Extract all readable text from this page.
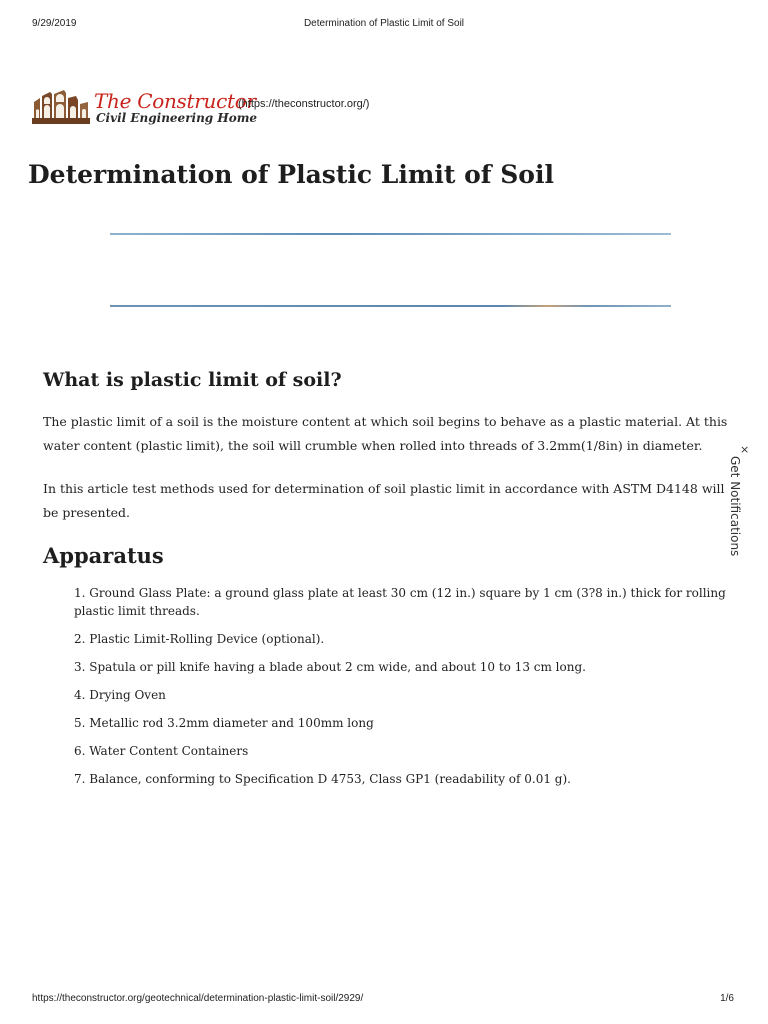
9/29/2019	Determination of Plastic Limit of Soil
The Constructor
Civil Engineering Home
(https://theconstructor.org/)
Determination of Plastic Limit of Soil
What is plastic limit of soil?

The plastic limit of a soil is the moisture content at which soil begins to behave as a plastic material. At this water content (plastic limit), the soil will crumble when rolled into threads of 3.2mm(1/8in) in diameter.

In this article test methods used for determination of soil plastic limit in accordance with ASTM D4148 will be presented.

Apparatus
1. Ground Glass Plate: a ground glass plate at least 30 cm (12 in.) square by 1 cm (3?8 in.) thick for rolling plastic limit threads.
2. Plastic Limit-Rolling Device (optional).
3. Spatula or pill knife having a blade about 2 cm wide, and about 10 to 13 cm long.
4. Drying Oven
5. Metallic rod 3.2mm diameter and 100mm long
6. Water Content Containers
7. Balance, conforming to Specification D 4753, Class GP1 (readability of 0.01 g).
×
Get Notifications
https://theconstructor.org/geotechnical/determination-plastic-limit-soil/2929/	1/6
